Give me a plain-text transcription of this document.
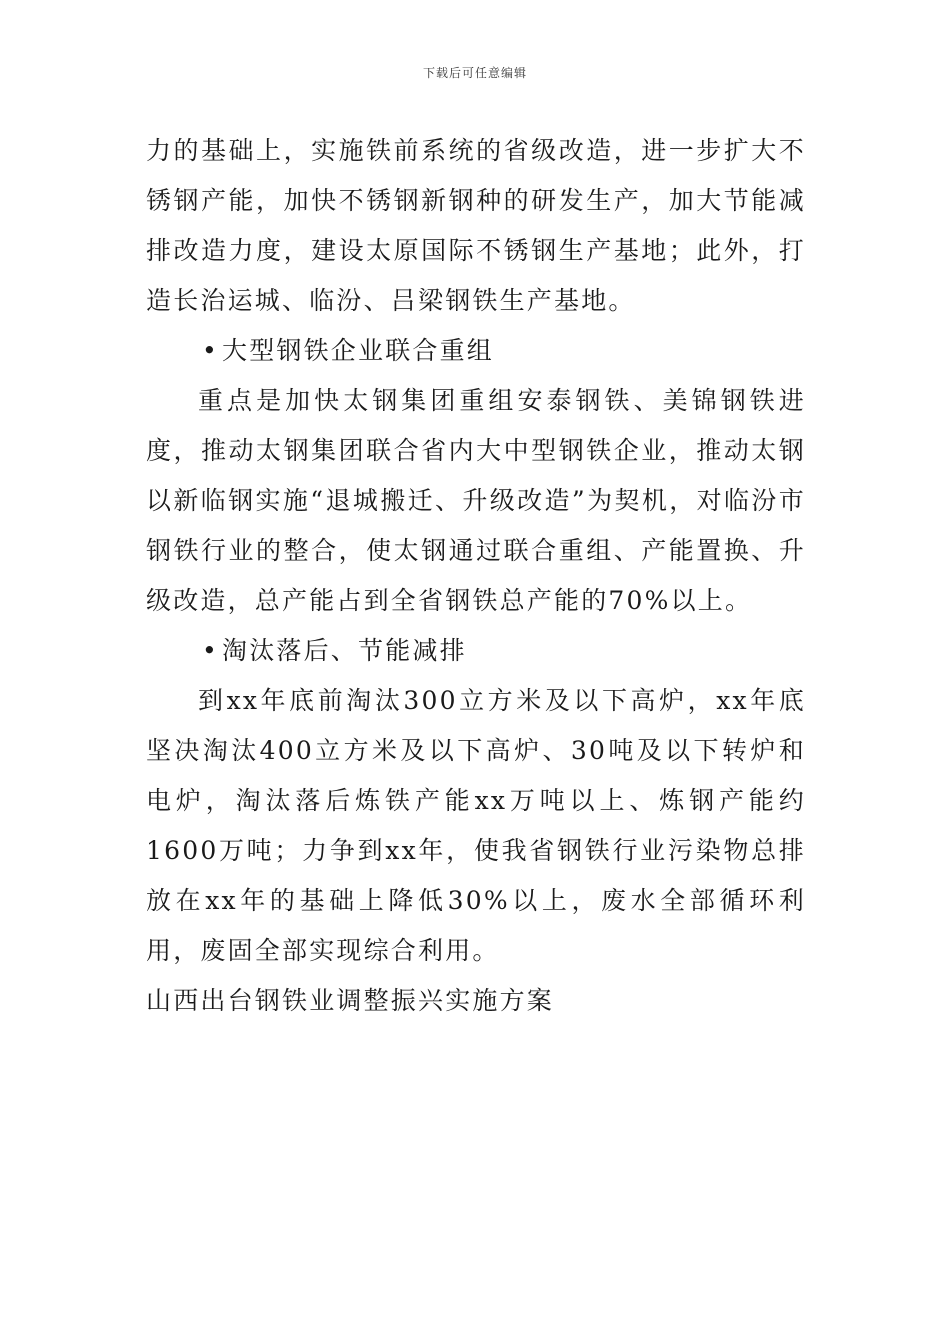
下载后可任意编辑

力的基础上，实施铁前系统的省级改造，进一步扩大不锈钢产能，加快不锈钢新钢种的研发生产，加大节能减排改造力度，建设太原国际不锈钢生产基地；此外，打造长治运城、临汾、吕梁钢铁生产基地。

• 大型钢铁企业联合重组

重点是加快太钢集团重组安泰钢铁、美锦钢铁进度，推动太钢集团联合省内大中型钢铁企业，推动太钢以新临钢实施“退城搬迁、升级改造”为契机，对临汾市钢铁行业的整合，使太钢通过联合重组、产能置换、升级改造，总产能占到全省钢铁总产能的70%以上。

• 淘汰落后、节能减排

到xx年底前淘汰300立方米及以下高炉，xx年底坚决淘汰400立方米及以下高炉、30吨及以下转炉和电炉，淘汰落后炼铁产能xx万吨以上、炼钢产能约1600万吨；力争到xx年，使我省钢铁行业污染物总排放在xx年的基础上降低30%以上，废水全部循环利用，废固全部实现综合利用。

山西出台钢铁业调整振兴实施方案
